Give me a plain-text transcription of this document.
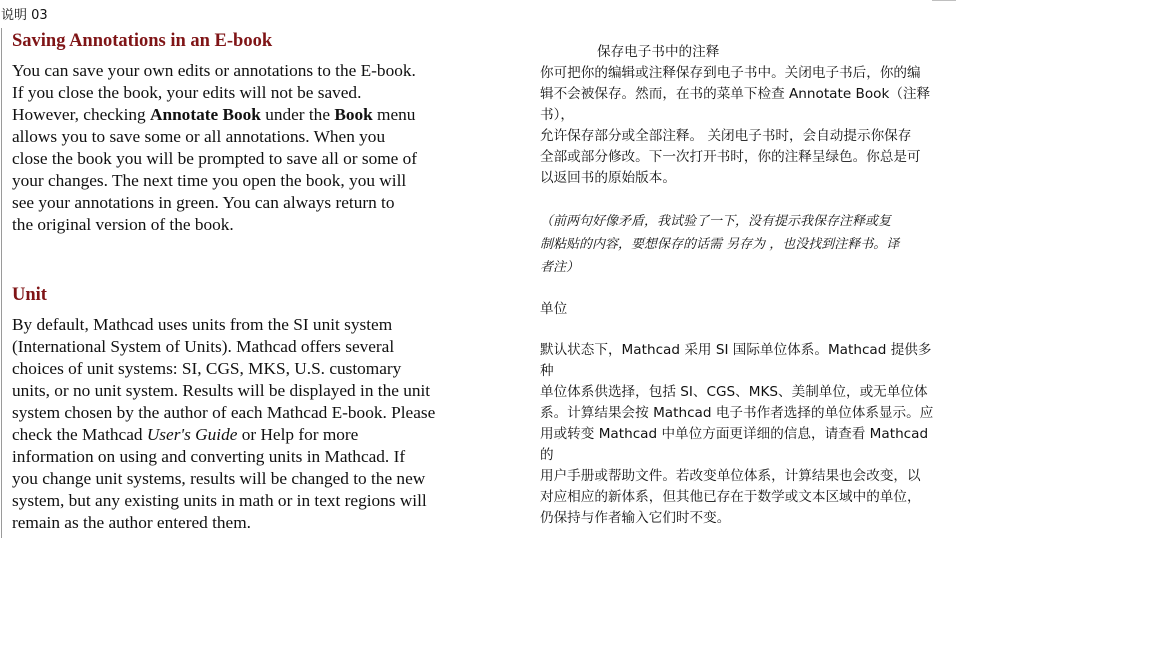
说明 03
Saving Annotations in an E-book

You can save your own edits or annotations to the E-book.
If you close the book, your edits will not be saved.
However, checking Annotate Book under the Book menu
allows you to save some or all annotations. When you
close the book you will be prompted to save all or some of
your changes. The next time you open the book, you will
see your annotations in green. You can always return to
the original version of the book.

Unit

By default, Mathcad uses units from the SI unit system
(International System of Units). Mathcad offers several
choices of unit systems: SI, CGS, MKS, U.S. customary
units, or no unit system. Results will be displayed in the unit
system chosen by the author of each Mathcad E-book. Please
check the Mathcad User's Guide or Help for more
information on using and converting units in Mathcad. If
you change unit systems, results will be changed to the new
system, but any existing units in math or in text regions will
remain as the author entered them.

保存电子书中的注释

你可把你的编辑或注释保存到电子书中。关闭电子书后，你的编
辑不会被保存。然而，在书的菜单下检查 Annotate Book（注释书），
允许保存部分或全部注释。 关闭电子书时，会自动提示你保存
全部或部分修改。下一次打开书时，你的注释呈绿色。你总是可
以返回书的原始版本。

（前两句好像矛盾，我试验了一下，没有提示我保存注释或复
制粘贴的内容，要想保存的话需 另存为 ，也没找到注释书。译
者注）

单位

默认状态下，Mathcad 采用 SI 国际单位体系。Mathcad 提供多种
单位体系供选择，包括 SI、CGS、MKS、美制单位，或无单位体
系。计算结果会按 Mathcad 电子书作者选择的单位体系显示。应
用或转变 Mathcad 中单位方面更详细的信息，请查看 Mathcad 的
用户手册或帮助文件。若改变单位体系，计算结果也会改变，以
对应相应的新体系，但其他已存在于数学或文本区域中的单位，
仍保持与作者输入它们时不变。
